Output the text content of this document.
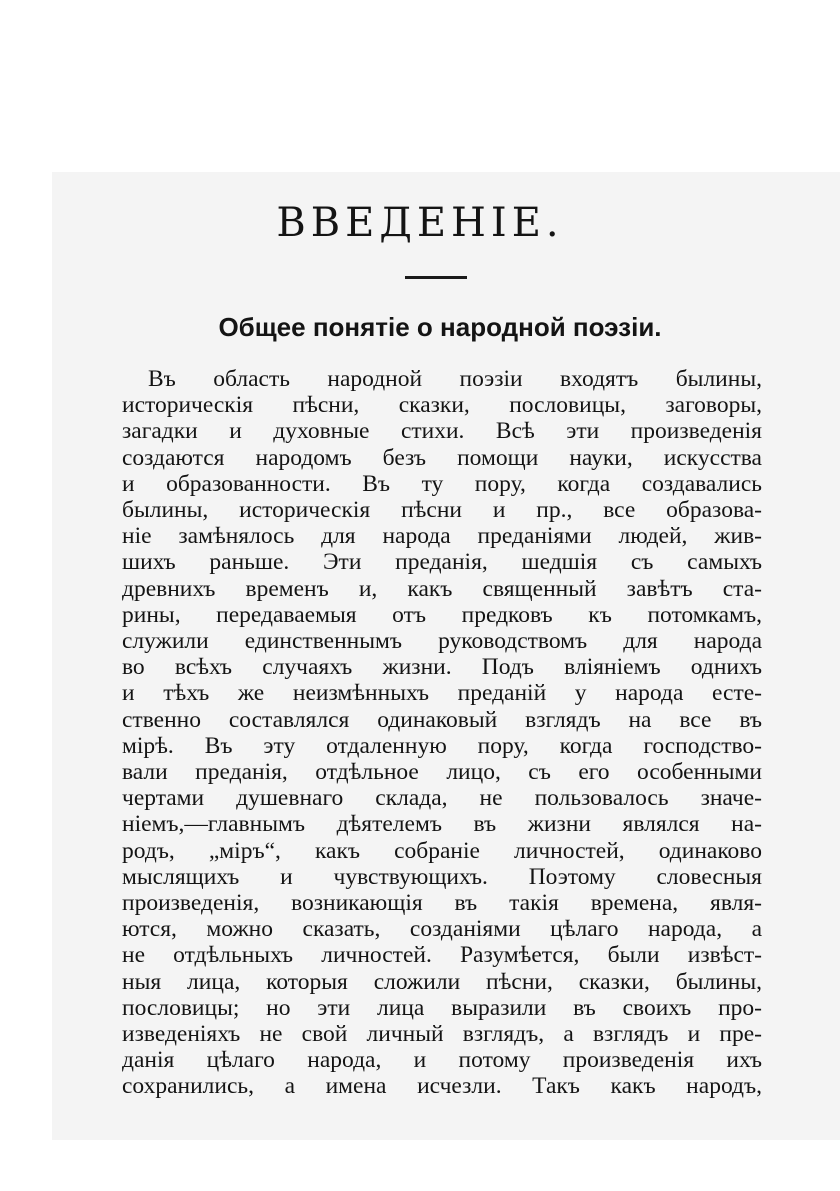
ВВЕДЕНІЕ.
Общее понятіе о народной поэзіи.
Въ область народной поэзіи входятъ былины,
историческія пѣсни, сказки, пословицы, заговоры,
загадки и духовные стихи. Всѣ эти произведенія
создаются народомъ безъ помощи науки, искусства
и образованности. Въ ту пору, когда создавались
былины, историческія пѣсни и пр., все образова-
ніе замѣнялось для народа преданіями людей, жив-
шихъ раньше. Эти преданія, шедшія съ самыхъ
древнихъ временъ и, какъ священный завѣтъ ста-
рины, передаваемыя отъ предковъ къ потомкамъ,
служили единственнымъ руководствомъ для народа
во всѣхъ случаяхъ жизни. Подъ вліяніемъ однихъ
и тѣхъ же неизмѣнныхъ преданій у народа есте-
ственно составлялся одинаковый взглядъ на все въ
мірѣ. Въ эту отдаленную пору, когда господство-
вали преданія, отдѣльное лицо, съ его особенными
чертами душевнаго склада, не пользовалось значе-
ніемъ,—главнымъ дѣятелемъ въ жизни являлся на-
родъ, „міръ“, какъ собраніе личностей, одинаково
мыслящихъ и чувствующихъ. Поэтому словесныя
произведенія, возникающія въ такія времена, явля-
ются, можно сказать, созданіями цѣлаго народа, а
не отдѣльныхъ личностей. Разумѣется, были извѣст-
ныя лица, которыя сложили пѣсни, сказки, былины,
пословицы; но эти лица выразили въ своихъ про-
изведеніяхъ не свой личный взглядъ, а взглядъ и пре-
данія цѣлаго народа, и потому произведенія ихъ
сохранились, а имена исчезли. Такъ какъ народъ,
